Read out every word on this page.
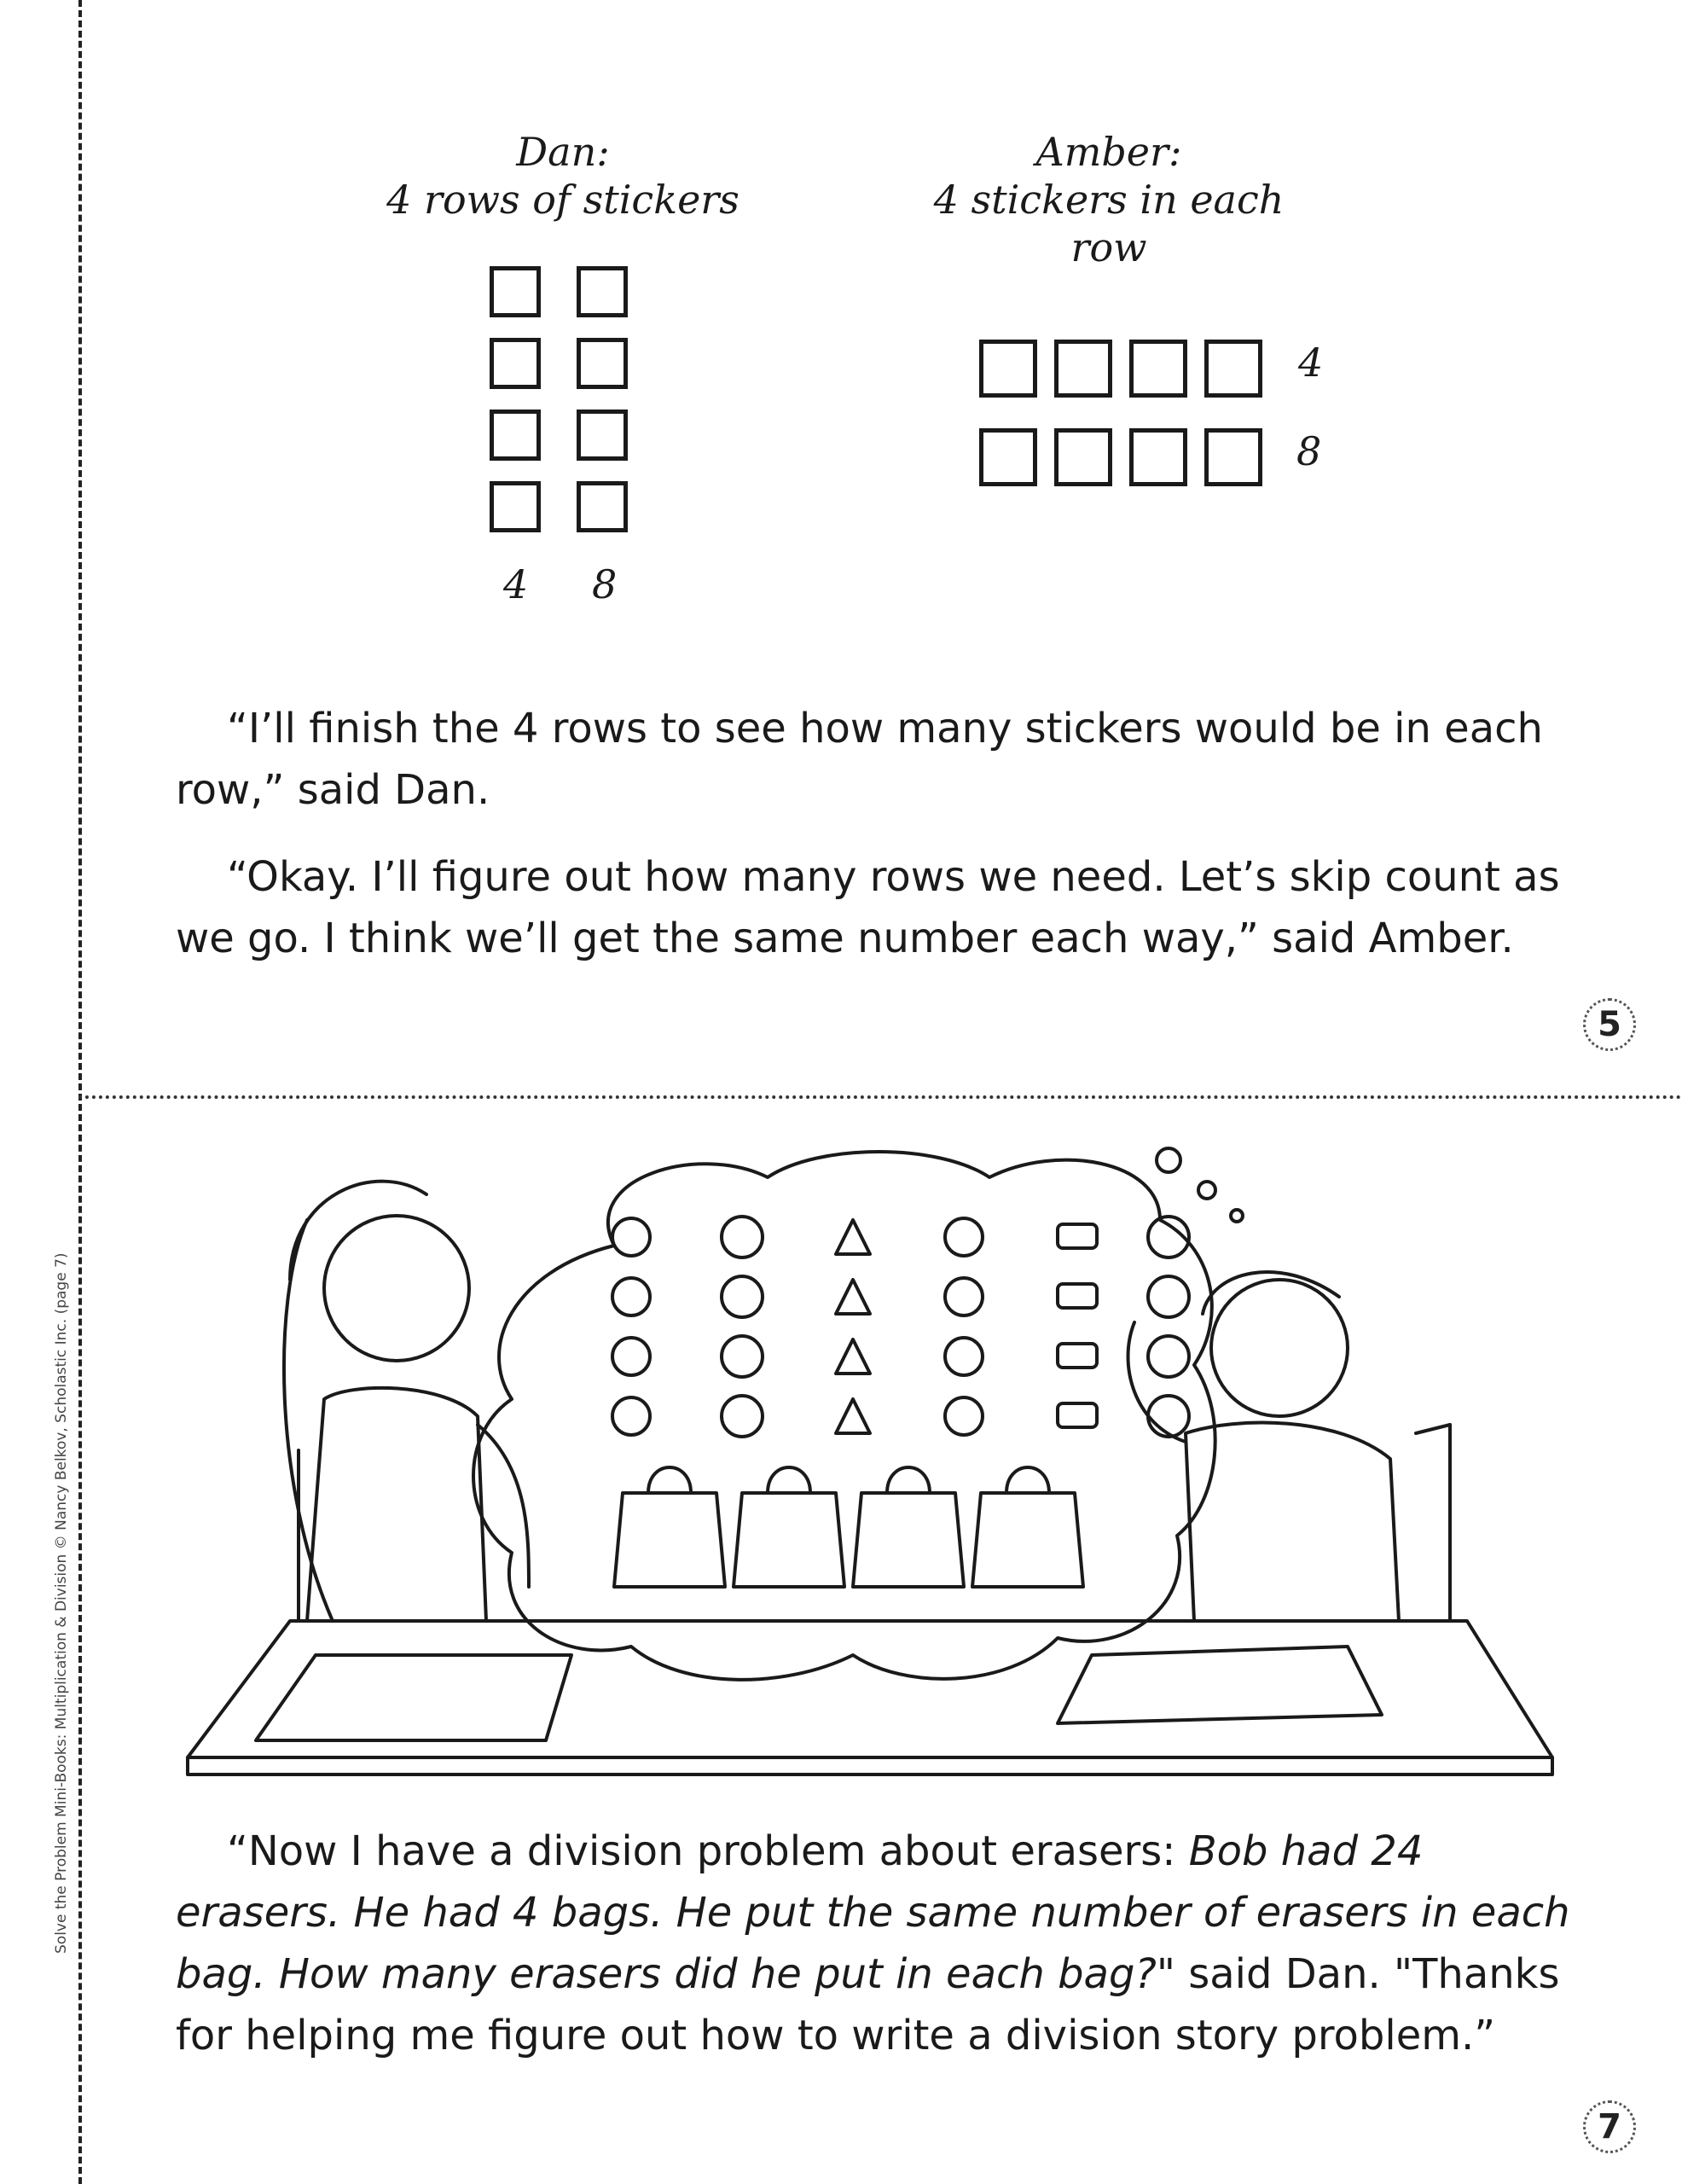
Solve the Problem Mini-Books: Multiplication & Division © Nancy Belkov, Scholastic Inc. (page 7)
Dan:
4 rows of stickers
Amber:
4 stickers in each row
4 8
4
8

“I’ll finish the 4 rows to see how many stickers would be in each row,” said Dan.

“Okay. I’ll figure out how many rows we need. Let’s skip count as we go. I think we’ll get the same number each way,” said Amber.

5

“Now I have a division problem about erasers: Bob had 24 erasers. He had 4 bags. He put the same number of erasers in each bag. How many erasers did he put in each bag?" said Dan. "Thanks for helping me figure out how to write a division story problem.”

7
